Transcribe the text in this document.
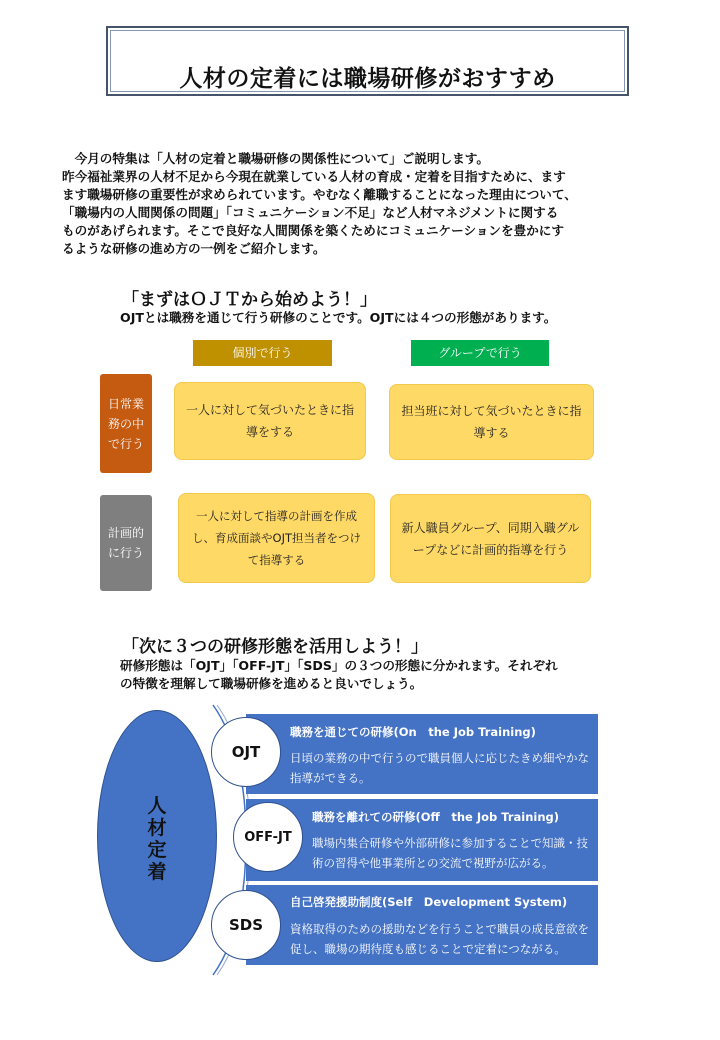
人材の定着には職場研修がおすすめ
　今月の特集は「人材の定着と職場研修の関係性について」ご説明します。
昨今福祉業界の人材不足から今現在就業している人材の育成・定着を目指すために、ます
ます職場研修の重要性が求められています。やむなく離職することになった理由について、
「職場内の人間関係の問題」「コミュニケーション不足」など人材マネジメントに関する
ものがあげられます。そこで良好な人間関係を築くためにコミュニケーションを豊かにす
るような研修の進め方の一例をご紹介します。
「まずはＯＪＴから始めよう！」
OJTとは職務を通じて行う研修のことです。OJTには４つの形態があります。
個別で行う	グループで行う
日常業務の中で行う
計画的に行う
一人に対して気づいたときに指導をする
担当班に対して気づいたときに指導する
一人に対して指導の計画を作成し、育成面談やOJT担当者をつけて指導する
新人職員グループ、同期入職グループなどに計画的指導を行う
「次に３つの研修形態を活用しよう！」
研修形態は「OJT」「OFF-JT」「SDS」の３つの形態に分かれます。それぞれ
の特徴を理解して職場研修を進めると良いでしょう。
人材定着
職務を通じての研修(On　the Job Training)
日頃の業務の中で行うので職員個人に応じたきめ細やかな指導ができる。
職務を離れての研修(Off　the Job Training)
職場内集合研修や外部研修に参加することで知識・技術の習得や他事業所との交流で視野が広がる。
自己啓発援助制度(Self　Development System)
資格取得のための援助などを行うことで職員の成長意欲を促し、職場の期待度も感じることで定着につながる。
OJT
OFF-JT
SDS
